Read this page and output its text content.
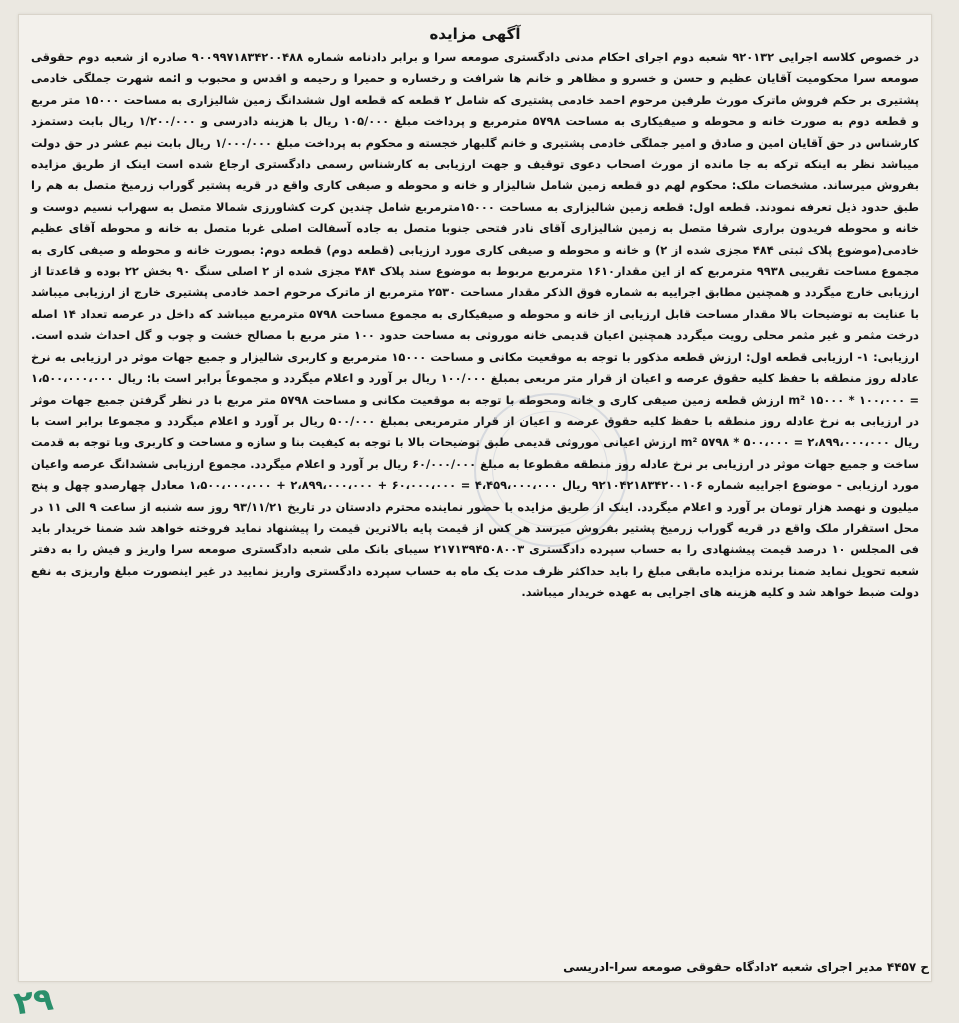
آگهی مزایده

در خصوص کلاسه اجرایی ۹۲۰۱۳۲ شعبه دوم اجرای احکام مدنی دادگستری صومعه سرا و برابر دادنامه شماره ۹۰۰۹۹۷۱۸۳۴۲۰۰۴۸۸ صادره از شعبه دوم حقوقی صومعه سرا محکومیت آقایان عظیم و حسن و خسرو و مظاهر و خانم ها شرافت و رخساره و حمیرا و رحیمه و اقدس و محبوب و ائمه شهرت جملگی خادمی پشتیری بر حکم فروش ماترک مورث طرفین مرحوم احمد خادمی پشتیری که شامل ۲ قطعه که قطعه اول ششدانگ زمین شالیزاری به مساحت ۱۵۰۰۰ متر مربع و قطعه دوم به صورت خانه و محوطه و صیفیکاری به مساحت ۵۷۹۸ مترمربع و پرداخت مبلغ ۱۰۵/۰۰۰ ریال با هزینه دادرسی و ۱/۲۰۰/۰۰۰ ریال بابت دستمزد کارشناس در حق آقایان امین و صادق و امیر جملگی خادمی پشتیری و خانم گلبهار خجسته و محکوم به پرداخت مبلغ ۱/۰۰۰/۰۰۰ ریال بابت نیم عشر در حق دولت میباشد نظر به اینکه ترکه به جا مانده از مورث اصحاب دعوی توقیف و جهت ارزیابی به کارشناس رسمی دادگستری ارجاع شده است اینک از طریق مزایده بفروش میرساند. مشخصات ملک: محکوم لهم دو قطعه زمین شامل شالیزار و خانه و محوطه و صیفی کاری واقع در قریه پشتیر گوراب زرمیخ متصل به هم را طبق حدود ذیل تعرفه نمودند. قطعه اول: قطعه زمین شالیزاری به مساحت ۱۵۰۰۰مترمربع شامل چندین کرت کشاورزی شمالا متصل به سهراب نسیم دوست و خانه و محوطه فریدون براری شرقا متصل به زمین شالیزاری آقای نادر فتحی جنوبا متصل به جاده آسفالت اصلی غربا متصل به خانه و محوطه آقای عظیم خادمی(موضوع پلاک ثبتی ۴۸۴ مجزی شده از ۲) و خانه و محوطه و صیفی کاری مورد ارزیابی (قطعه دوم) قطعه دوم: بصورت خانه و محوطه و صیفی کاری به مجموع مساحت تقریبی ۹۹۳۸ مترمربع که از این مقدار۱۶۱۰ مترمربع مربوط به موضوع سند پلاک ۴۸۴ مجزی شده از ۲ اصلی سنگ ۹۰ بخش ۲۲ بوده و قاعدتا از ارزیابی خارج میگردد و همچنین مطابق اجراییه به شماره فوق الذکر مقدار مساحت ۲۵۳۰ مترمربع از ماترک مرحوم احمد خادمی پشتیری خارج از ارزیابی میباشد با عنایت به توضیحات بالا مقدار مساحت قابل ارزیابی از خانه و محوطه و صیفیکاری به مجموع مساحت ۵۷۹۸ مترمربع میباشد که داخل در عرصه تعداد ۱۴ اصله درخت مثمر و غیر مثمر محلی رویت میگردد همچنین اعیان قدیمی خانه موروثی به مساحت حدود ۱۰۰ متر مربع با مصالح خشت و چوب و گل احداث شده است. ارزیابی: ۱- ارزیابی قطعه اول: ارزش قطعه مذکور با توجه به موقعیت مکانی و مساحت ۱۵۰۰۰ مترمربع و کاربری شالیزار و جمیع جهات موثر در ارزیابی به نرخ عادله روز منطقه با حفظ کلیه حقوق عرصه و اعیان از قرار متر مربعی بمبلغ ۱۰۰/۰۰۰ ریال بر آورد و اعلام میگردد و مجموعاً برابر است با: ریال ۱،۵۰۰،۰۰۰،۰۰۰ = ۱۰۰،۰۰۰ * ۱۵۰۰۰ m² ارزش قطعه زمین صیفی کاری و خانه ومحوطه با توجه به موقعیت مکانی و مساحت ۵۷۹۸ متر مربع با در نظر گرفتن جمیع جهات موثر در ارزیابی به نرخ عادله روز منطقه با حفظ کلیه حقوق عرصه و اعیان از قرار مترمربعی بمبلغ ۵۰۰/۰۰۰ ریال بر آورد و اعلام میگردد و مجموعا برابر است با ریال ۲،۸۹۹،۰۰۰،۰۰۰ = ۵۰۰،۰۰۰ * ۵۷۹۸ m² ارزش اعیانی موروثی قدیمی طبق توضیحات بالا با توجه به کیفیت بنا و سازه و مساحت و کاربری وبا توجه به قدمت ساخت و جمیع جهات موثر در ارزیابی بر نرخ عادله روز منطقه مقطوعا به مبلغ ۶۰/۰۰۰/۰۰۰ ریال بر آورد و اعلام میگردد. مجموع ارزیابی ششدانگ عرصه واعیان مورد ارزیابی - موضوع اجراییه شماره ۹۲۱۰۴۲۱۸۳۴۲۰۰۱۰۶ ریال ۴،۴۵۹،۰۰۰،۰۰۰ = ۶۰،۰۰۰،۰۰۰ + ۲،۸۹۹،۰۰۰،۰۰۰ + ۱،۵۰۰،۰۰۰،۰۰۰ معادل چهارصدو چهل و پنج میلیون و نهصد هزار تومان بر آورد و اعلام میگردد. اینک از طریق مزایده با حضور نماینده محترم دادستان در تاریخ ۹۳/۱۱/۲۱ روز سه شنبه از ساعت ۹ الی ۱۱ در محل استقرار ملک واقع در قریه گوراب زرمیخ پشتیر بفروش میرسد هر کس از قیمت پایه بالاترین قیمت را پیشنهاد نماید فروخته خواهد شد ضمنا خریدار باید فی المجلس ۱۰ درصد قیمت پیشنهادی را به حساب سپرده دادگستری ۲۱۷۱۳۹۴۵۰۸۰۰۳ سیبای بانک ملی شعبه دادگستری صومعه سرا واریز و فیش را به دفتر شعبه تحویل نماید ضمنا برنده مزایده مابقی مبلغ را باید حداکثر ظرف مدت یک ماه به حساب سپرده دادگستری واریز نمایید در غیر اینصورت مبلغ واریزی به نفع دولت ضبط خواهد شد و کلیه هزینه های اجرایی به عهده خریدار میباشد.

ح ۴۴۵۷ مدیر اجرای شعبه ۲دادگاه حقوقی صومعه سرا-ادریسی
۲۹
